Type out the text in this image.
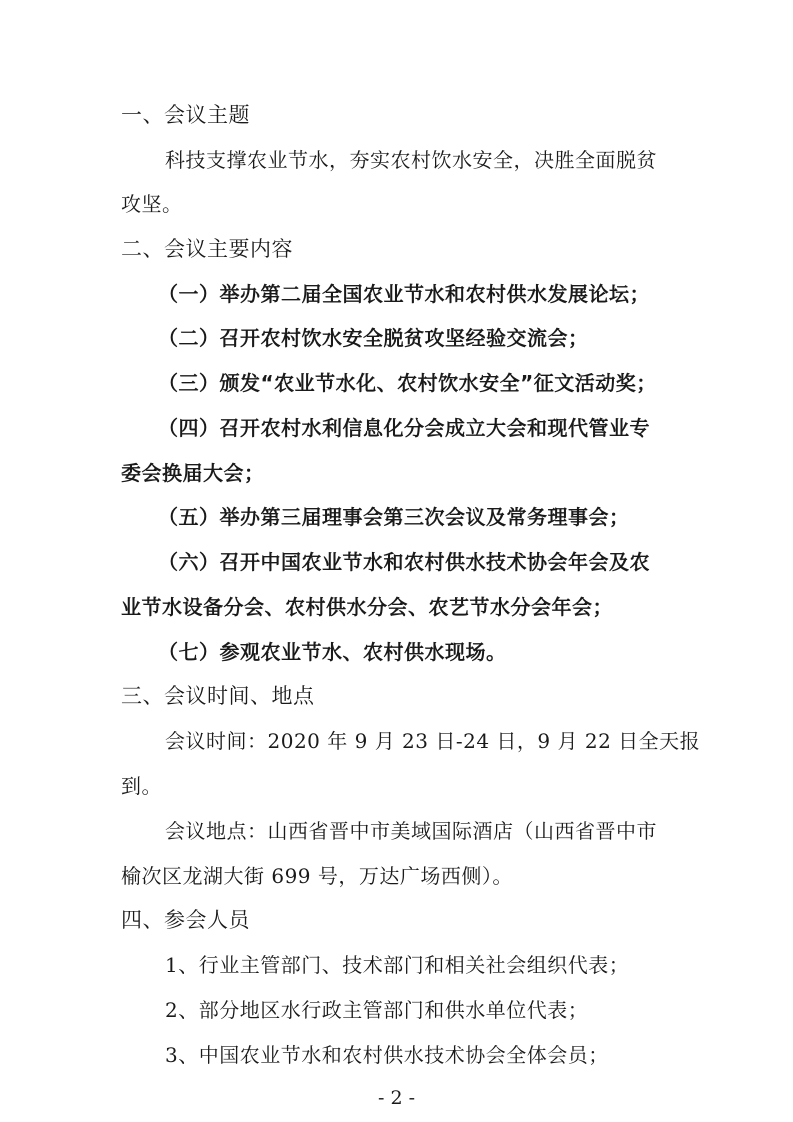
一、会议主题
科技支撑农业节水，夯实农村饮水安全，决胜全面脱贫
攻坚。
二、会议主要内容
（一）举办第二届全国农业节水和农村供水发展论坛；
（二）召开农村饮水安全脱贫攻坚经验交流会；
（三）颁发“农业节水化、农村饮水安全”征文活动奖；
（四）召开农村水利信息化分会成立大会和现代管业专
委会换届大会；
（五）举办第三届理事会第三次会议及常务理事会；
（六）召开中国农业节水和农村供水技术协会年会及农
业节水设备分会、农村供水分会、农艺节水分会年会；
（七）参观农业节水、农村供水现场。
三、会议时间、地点
会议时间：2020 年 9 月 23 日-24 日，9 月 22 日全天报
到。
会议地点：山西省晋中市美域国际酒店（山西省晋中市
榆次区龙湖大街 699 号，万达广场西侧）。
四、参会人员
1、行业主管部门、技术部门和相关社会组织代表；
2、部分地区水行政主管部门和供水单位代表；
3、中国农业节水和农村供水技术协会全体会员；
- 2 -
